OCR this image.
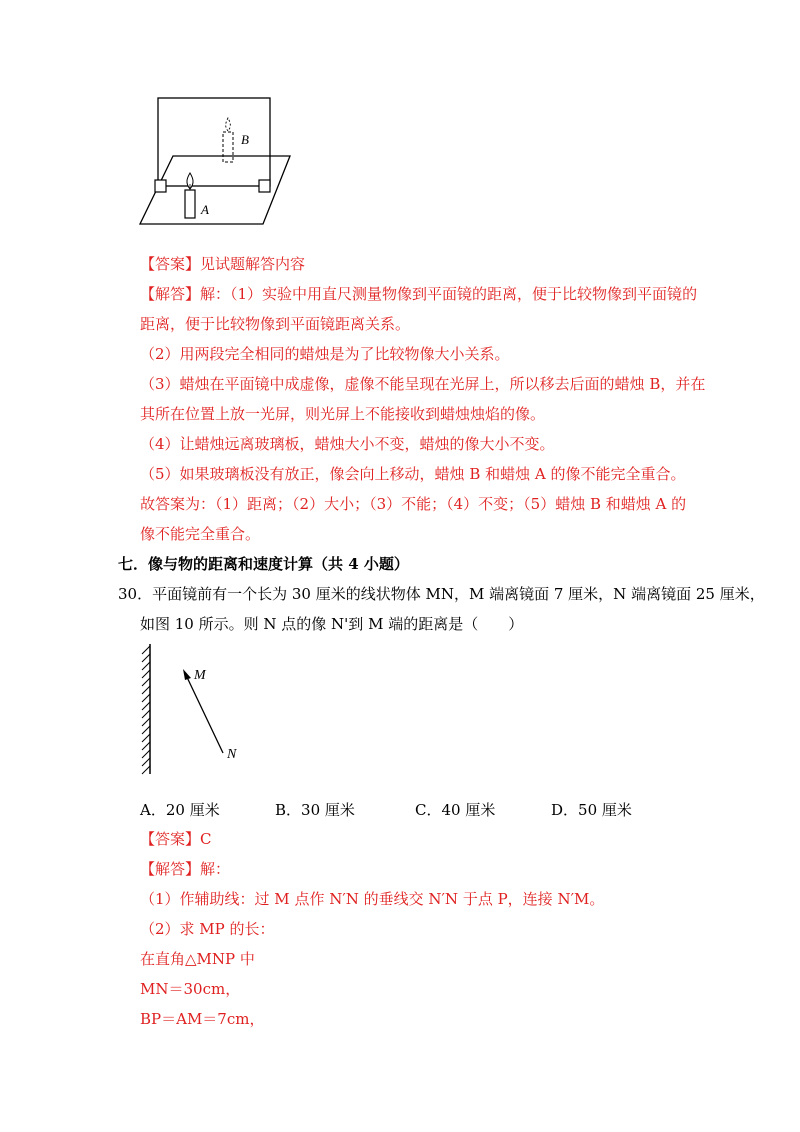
B
A
【答案】见试题解答内容
【解答】解：（1）实验中用直尺测量物像到平面镜的距离，便于比较物像到平面镜的
距离，便于比较物像到平面镜距离关系。
（2）用两段完全相同的蜡烛是为了比较物像大小关系。
（3）蜡烛在平面镜中成虚像，虚像不能呈现在光屏上，所以移去后面的蜡烛 B，并在
其所在位置上放一光屏，则光屏上不能接收到蜡烛烛焰的像。
（4）让蜡烛远离玻璃板，蜡烛大小不变，蜡烛的像大小不变。
（5）如果玻璃板没有放正，像会向上移动，蜡烛 B 和蜡烛 A 的像不能完全重合。
故答案为：（1）距离；（2）大小；（3）不能；（4）不变；（5）蜡烛 B 和蜡烛 A 的
像不能完全重合。
七．像与物的距离和速度计算（共 4 小题）
30．平面镜前有一个长为 30 厘米的线状物体 MN，M 端离镜面 7 厘米，N 端离镜面 25 厘米，
如图 10 所示。则 N 点的像 N'到 M 端的距离是（　　）
M
N
A．20 厘米	B．30 厘米	C．40 厘米	D．50 厘米
【答案】C
【解答】解：
（1）作辅助线：过 M 点作 N′N 的垂线交 N′N 于点 P，连接 N′M。
（2）求 MP 的长：
在直角△MNP 中
MN＝30cm，
BP＝AM＝7cm，
